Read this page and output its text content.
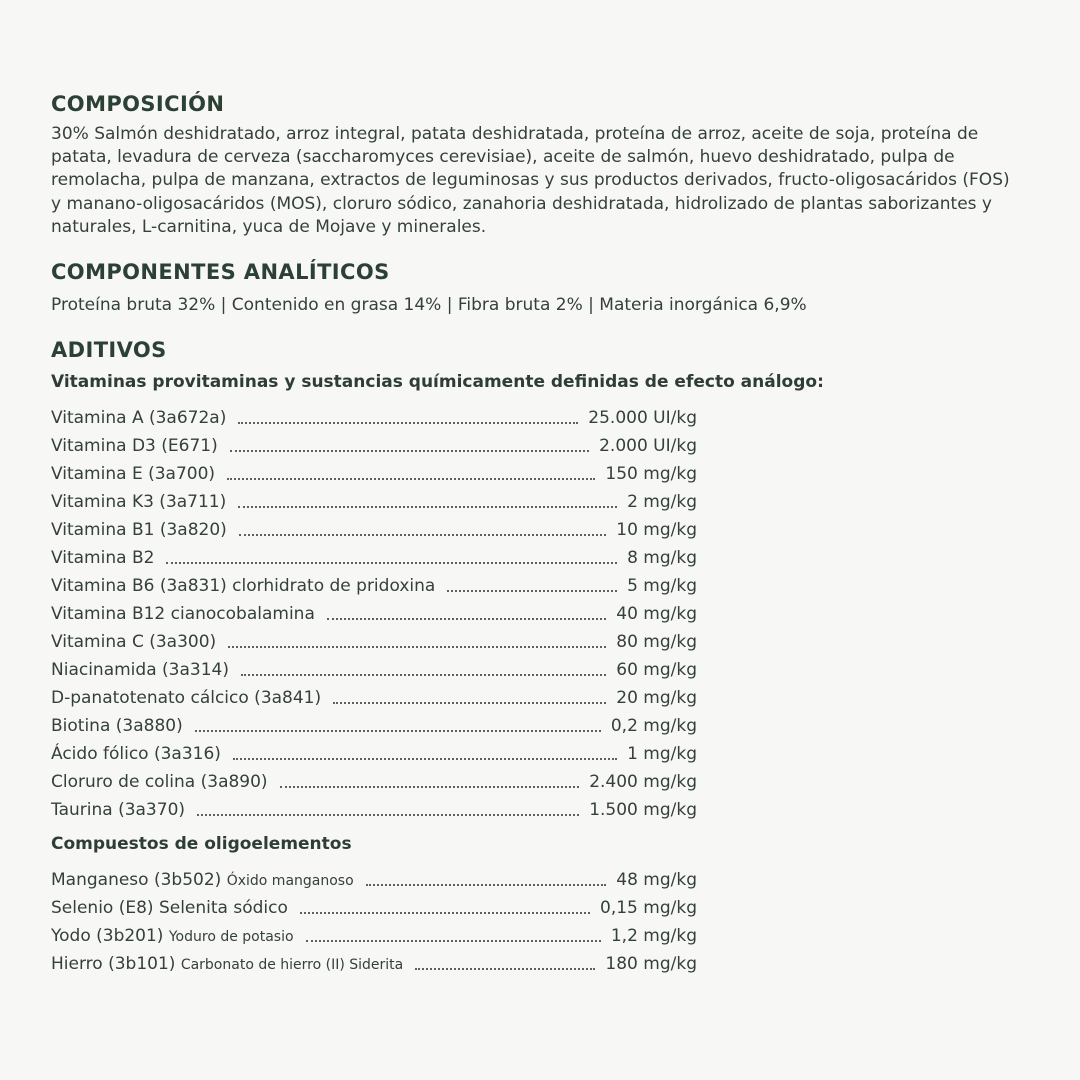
COMPOSICIÓN

30% Salmón deshidratado, arroz integral, patata deshidratada, proteína de arroz, aceite de soja, proteína de patata, levadura de cerveza (saccharomyces cerevisiae), aceite de salmón, huevo deshidratado, pulpa de remolacha, pulpa de manzana, extractos de leguminosas y sus productos derivados, fructo-oligosacáridos (FOS) y manano-oligosacáridos (MOS), cloruro sódico, zanahoria deshidratada, hidrolizado de plantas saborizantes y naturales, L-carnitina, yuca de Mojave y minerales.

COMPONENTES ANALÍTICOS

Proteína bruta 32% | Contenido en grasa 14% | Fibra bruta 2% | Materia inorgánica 6,9%

ADITIVOS
Vitaminas provitaminas y sustancias químicamente definidas de efecto análogo:
Vitamina A (3a672a)	25.000 UI/kg
Vitamina D3 (E671)	2.000 UI/kg
Vitamina E (3a700)	150 mg/kg
Vitamina K3 (3a711)	2 mg/kg
Vitamina B1 (3a820)	10 mg/kg
Vitamina B2	8 mg/kg
Vitamina B6 (3a831) clorhidrato de pridoxina	5 mg/kg
Vitamina B12 cianocobalamina	40 mg/kg
Vitamina C (3a300)	80 mg/kg
Niacinamida (3a314)	60 mg/kg
D-panatotenato cálcico (3a841)	20 mg/kg
Biotina (3a880)	0,2 mg/kg
Ácido fólico (3a316)	1 mg/kg
Cloruro de colina (3a890)	2.400 mg/kg
Taurina (3a370)	1.500 mg/kg
Compuestos de oligoelementos
Manganeso (3b502) Óxido manganoso	48 mg/kg
Selenio (E8) Selenita sódico	0,15 mg/kg
Yodo (3b201) Yoduro de potasio	1,2 mg/kg
Hierro (3b101) Carbonato de hierro (II) Siderita	180 mg/kg
